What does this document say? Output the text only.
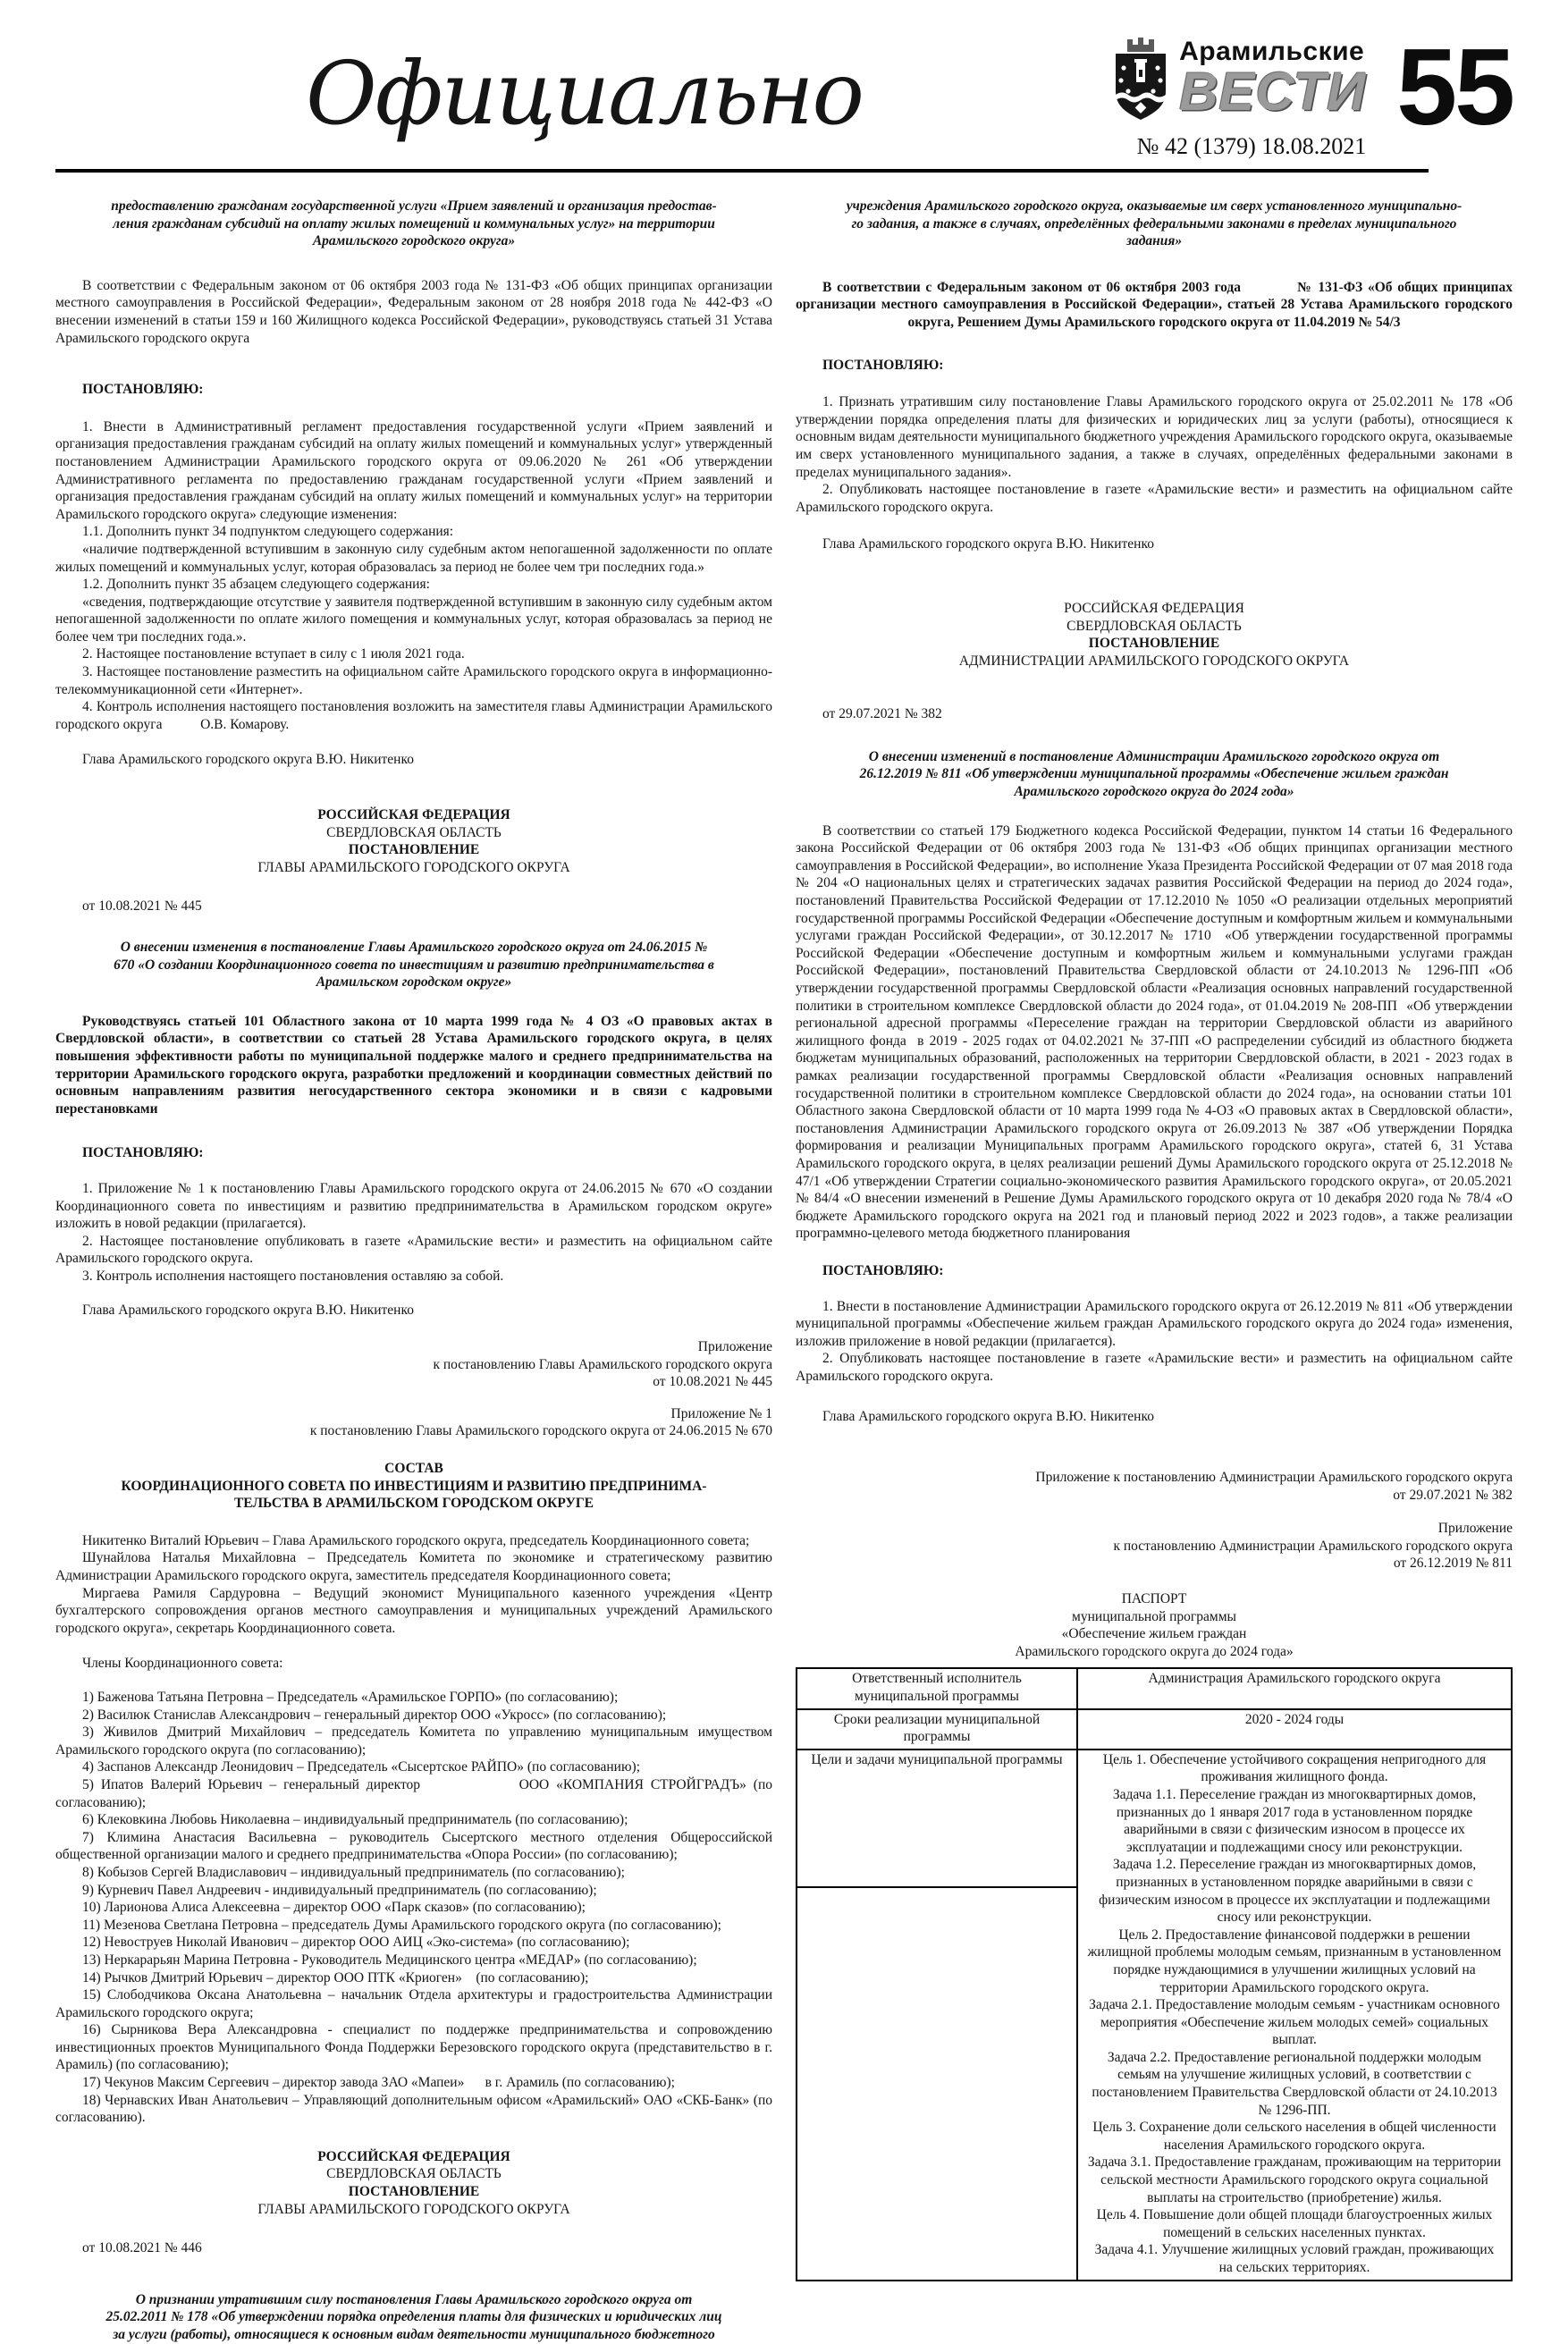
Официально	Арамильские
ВЕСТИ
№ 42 (1379) 18.08.2021 55
предоставлению гражданам государственной услуги «Прием заявлений и организация предостав-
ления гражданам субсидий на оплату жилых помещений и коммунальных услуг» на территории
Арамильского городского округа»
В соответствии с Федеральным законом от 06 октября 2003 года № 131-ФЗ «Об общих принципах организации местного самоуправления в Российской Федерации», Федеральным законом от 28 ноября 2018 года № 442-ФЗ «О внесении изменений в статьи 159 и 160 Жилищного кодекса Российской Федерации», руководствуясь статьей 31 Устава Арамильского городского округа
ПОСТАНОВЛЯЮ:
1. Внести в Административный регламент предоставления государственной услуги «Прием заявлений и организация предоставления гражданам субсидий на оплату жилых помещений и коммунальных услуг» утвержденный постановлением Администрации Арамильского городского округа от 09.06.2020 № 261 «Об утверждении Административного регламента по предоставлению гражданам государственной услуги «Прием заявлений и организация предоставления гражданам субсидий на оплату жилых помещений и коммунальных услуг» на территории Арамильского городского округа» следующие изменения:
1.1. Дополнить пункт 34 подпунктом следующего содержания:
«наличие подтвержденной вступившим в законную силу судебным актом непогашенной задолженности по оплате жилых помещений и коммунальных услуг, которая образовалась за период не более чем три последних года.»
1.2. Дополнить пункт 35 абзацем следующего содержания:
«сведения, подтверждающие отсутствие у заявителя подтвержденной вступившим в законную силу судебным актом непогашенной задолженности по оплате жилого помещения и коммунальных услуг, которая образовалась за период не более чем три последних года.».
2. Настоящее постановление вступает в силу с 1 июля 2021 года.
3. Настоящее постановление разместить на официальном сайте Арамильского городского округа в информационно-телекоммуникационной сети «Интернет».
4. Контроль исполнения настоящего постановления возложить на заместителя главы Администрации Арамильского городского округа           О.В. Комарову.
Глава Арамильского городского округа В.Ю. Никитенко
РОССИЙСКАЯ ФЕДЕРАЦИЯ
СВЕРДЛОВСКАЯ ОБЛАСТЬ
ПОСТАНОВЛЕНИЕ
ГЛАВЫ АРАМИЛЬСКОГО ГОРОДСКОГО ОКРУГА
от 10.08.2021 № 445
О внесении изменения в постановление Главы Арамильского городского округа от 24.06.2015 №
670 «О создании Координационного совета по инвестициям и развитию предпринимательства в
Арамильском городском округе»
Руководствуясь статьей 101 Областного закона от 10 марта 1999 года № 4 ОЗ «О правовых актах в Свердловской области», в соответствии со статьей 28 Устава Арамильского городского округа, в целях повышения эффективности работы по муниципальной поддержке малого и среднего предпринимательства на территории Арамильского городского округа, разработки предложений и координации совместных действий по основным направлениям развития негосударственного сектора экономики и в связи с кадровыми перестановками
ПОСТАНОВЛЯЮ:
1. Приложение № 1 к постановлению Главы Арамильского городского округа от 24.06.2015 № 670 «О создании Координационного совета по инвестициям и развитию предпринимательства в Арамильском городском округе» изложить в новой редакции (прилагается).
2. Настоящее постановление опубликовать в газете «Арамильские вести» и разместить на официальном сайте Арамильского городского округа.
3. Контроль исполнения настоящего постановления оставляю за собой.
Глава Арамильского городского округа В.Ю. Никитенко
Приложение
к постановлению Главы Арамильского городского округа
от 10.08.2021 № 445
Приложение № 1
к постановлению Главы Арамильского городского округа от 24.06.2015 № 670
СОСТАВ
КООРДИНАЦИОННОГО СОВЕТА ПО ИНВЕСТИЦИЯМ И РАЗВИТИЮ ПРЕДПРИНИМА-
ТЕЛЬСТВА В АРАМИЛЬСКОМ ГОРОДСКОМ ОКРУГЕ
Никитенко Виталий Юрьевич – Глава Арамильского городского округа, председатель Координационного совета;
Шунайлова Наталья Михайловна – Председатель Комитета по экономике и стратегическому развитию Администрации Арамильского городского округа, заместитель председателя Координационного совета;
Миргаева Рамиля Сардуровна – Ведущий экономист Муниципального казенного учреждения «Центр бухгалтерского сопровождения органов местного самоуправления и муниципальных учреждений Арамильского городского округа», секретарь Координационного совета.
Члены Координационного совета:
1) Баженова Татьяна Петровна – Председатель «Арамильское ГОРПО» (по согласованию);
2) Василюк Станислав Александрович – генеральный директор ООО «Укросс» (по согласованию);
3) Живилов Дмитрий Михайлович – председатель Комитета по управлению муниципальным имуществом Арамильского городского округа (по согласованию);
4) Заспанов Александр Леонидович – Председатель «Сысертское РАЙПО» (по согласованию);
5) Ипатов Валерий Юрьевич – генеральный директор              ООО «КОМПАНИЯ СТРОЙГРАДЪ» (по согласованию);
6) Клековкина Любовь Николаевна – индивидуальный предприниматель (по согласованию);
7) Климина Анастасия Васильевна – руководитель Сысертского местного отделения Общероссийской общественной организации малого и среднего предпринимательства «Опора России» (по согласованию);
8) Кобызов Сергей Владиславович – индивидуальный предприниматель (по согласованию);
9) Курневич Павел Андреевич - индивидуальный предприниматель (по согласованию);
10) Ларионова Алиса Алексеевна – директор ООО «Парк сказов» (по согласованию);
11) Мезенова Светлана Петровна – председатель Думы Арамильского городского округа (по согласованию);
12) Невоструев Николай Иванович – директор ООО АИЦ «Эко-система» (по согласованию);
13) Неркарарьян Марина Петровна - Руководитель Медицинского центра «МЕДАР» (по согласованию);
14) Рычков Дмитрий Юрьевич – директор ООО ПТК «Криоген»    (по согласованию);
15) Слободчикова Оксана Анатольевна – начальник Отдела архитектуры и градостроительства Администрации Арамильского городского округа;
16) Сырникова Вера Александровна - специалист по поддержке предпринимательства и сопровождению инвестиционных проектов Муниципального Фонда Поддержки Березовского городского округа (представительство в г. Арамиль) (по согласованию);
17) Чекунов Максим Сергеевич – директор завода ЗАО «Мапеи»      в г. Арамиль (по согласованию);
18) Чернавских Иван Анатольевич – Управляющий дополнительным офисом «Арамильский» ОАО «СКБ-Банк» (по согласованию).
РОССИЙСКАЯ ФЕДЕРАЦИЯ
СВЕРДЛОВСКАЯ ОБЛАСТЬ
ПОСТАНОВЛЕНИЕ
ГЛАВЫ АРАМИЛЬСКОГО ГОРОДСКОГО ОКРУГА
от 10.08.2021 № 446
О признании утратившим силу постановления Главы Арамильского городского округа от
25.02.2011 № 178 «Об утверждении порядка определения платы для физических и юридических лиц
за услуги (работы), относящиеся к основным видам деятельности муниципального бюджетного
учреждения Арамильского городского округа, оказываемые им сверх установленного муниципально-
го задания, а также в случаях, определённых федеральными законами в пределах муниципального
задания»
В соответствии с Федеральным законом от 06 октября 2003 года           № 131-ФЗ «Об общих принципах организации местного самоуправления в Российской Федерации», статьей 28 Устава Арамильского городского округа, Решением Думы Арамильского городского округа от 11.04.2019 № 54/3
ПОСТАНОВЛЯЮ:
1. Признать утратившим силу постановление Главы Арамильского городского округа от 25.02.2011 № 178 «Об утверждении порядка определения платы для физических и юридических лиц за услуги (работы), относящиеся к основным видам деятельности муниципального бюджетного учреждения Арамильского городского округа, оказываемые им сверх установленного муниципального задания, а также в случаях, определённых федеральными законами в пределах муниципального задания».
2. Опубликовать настоящее постановление в газете «Арамильские вести» и разместить на официальном сайте Арамильского городского округа.
Глава Арамильского городского округа В.Ю. Никитенко
РОССИЙСКАЯ ФЕДЕРАЦИЯ
СВЕРДЛОВСКАЯ ОБЛАСТЬ
ПОСТАНОВЛЕНИЕ
АДМИНИСТРАЦИИ АРАМИЛЬСКОГО ГОРОДСКОГО ОКРУГА
от 29.07.2021 № 382
О внесении изменений в постановление Администрации Арамильского городского округа от
26.12.2019 № 811 «Об утверждении муниципальной программы «Обеспечение жильем граждан
Арамильского городского округа до 2024 года»
В соответствии со статьей 179 Бюджетного кодекса Российской Федерации, пунктом 14 статьи 16 Федерального закона Российской Федерации от 06 октября 2003 года № 131-ФЗ «Об общих принципах организации местного самоуправления в Российской Федерации», во исполнение Указа Президента Российской Федерации от 07 мая 2018 года № 204 «О национальных целях и стратегических задачах развития Российской Федерации на период до 2024 года», постановлений Правительства Российской Федерации от 17.12.2010 № 1050 «О реализации отдельных мероприятий государственной программы Российской Федерации «Обеспечение доступным и комфортным жильем и коммунальными услугами граждан Российской Федерации», от 30.12.2017 № 1710  «Об утверждении государственной программы Российской Федерации «Обеспечение доступным и комфортным жильем и коммунальными услугами граждан Российской Федерации», постановлений Правительства Свердловской области от 24.10.2013 № 1296-ПП «Об утверждении государственной программы Свердловской области «Реализация основных направлений государственной политики в строительном комплексе Свердловской области до 2024 года», от 01.04.2019 № 208-ПП  «Об утверждении региональной адресной программы «Переселение граждан на территории Свердловской области из аварийного жилищного фонда  в 2019 - 2025 годах от 04.02.2021 № 37-ПП «О распределении субсидий из областного бюджета бюджетам муниципальных образований, расположенных на территории Свердловской области, в 2021 - 2023 годах в рамках реализации государственной программы Свердловской области «Реализация основных направлений государственной политики в строительном комплексе Свердловской области до 2024 года», на основании статьи 101 Областного закона Свердловской области от 10 марта 1999 года № 4-ОЗ «О правовых актах в Свердловской области», постановления Администрации Арамильского городского округа от 26.09.2013 № 387 «Об утверждении Порядка формирования и реализации Муниципальных программ Арамильского городского округа», статей 6, 31 Устава Арамильского городского округа, в целях реализации решений Думы Арамильского городского округа от 25.12.2018 № 47/1 «Об утверждении Стратегии социально-экономического развития Арамильского городского округа», от 20.05.2021 № 84/4 «О внесении изменений в Решение Думы Арамильского городского округа от 10 декабря 2020 года № 78/4 «О бюджете Арамильского городского округа на 2021 год и плановый период 2022 и 2023 годов», а также реализации программно-целевого метода бюджетного планирования
ПОСТАНОВЛЯЮ:
1. Внести в постановление Администрации Арамильского городского округа от 26.12.2019 № 811 «Об утверждении муниципальной программы «Обеспечение жильем граждан Арамильского городского округа до 2024 года» изменения, изложив приложение в новой редакции (прилагается).
2. Опубликовать настоящее постановление в газете «Арамильские вести» и разместить на официальном сайте Арамильского городского округа.
Глава Арамильского городского округа В.Ю. Никитенко
Приложение к постановлению Администрации Арамильского городского округа
от 29.07.2021 № 382
Приложение
к постановлению Администрации Арамильского городского округа
от 26.12.2019 № 811
ПАСПОРТ
муниципальной программы
«Обеспечение жильем граждан
Арамильского городского округа до 2024 года»
Ответственный исполнитель муниципальной программы	Администрация Арамильского городского округа
Сроки реализации муниципальной программы	2020 - 2024 годы
Цели и задачи муниципальной программы	Цель 1. Обеспечение устойчивого сокращения непригодного для проживания жилищного фонда.
Задача 1.1. Переселение граждан из многоквартирных домов, признанных до 1 января 2017 года в установленном порядке аварийными в связи с физическим износом в процессе их эксплуатации и подлежащими сносу или реконструкции.
Задача 1.2. Переселение граждан из многоквартирных домов, признанных в установленном порядке аварийными в связи с физическим износом в процессе их эксплуатации и подлежащими сносу или реконструкции.
Цель 2. Предоставление финансовой поддержки в решении жилищной проблемы молодым семьям, признанным в установленном порядке нуждающимися в улучшении жилищных условий на территории Арамильского городского округа.
Задача 2.1. Предоставление молодым семьям - участникам основного мероприятия «Обеспечение жильем молодых семей» социальных выплат.
Задача 2.2. Предоставление региональной поддержки молодым семьям на улучшение жилищных условий, в соответствии с постановлением Правительства Свердловской области от 24.10.2013 № 1296-ПП.
Цель 3. Сохранение доли сельского населения в общей численности населения Арамильского городского округа.
Задача 3.1. Предоставление гражданам, проживающим на территории сельской местности Арамильского городского округа социальной выплаты на строительство (приобретение) жилья.
Цель 4. Повышение доли общей площади благоустроенных жилых помещений в сельских населенных пунктах.
Задача 4.1. Улучшение жилищных условий граждан, проживающих на сельских территориях.
